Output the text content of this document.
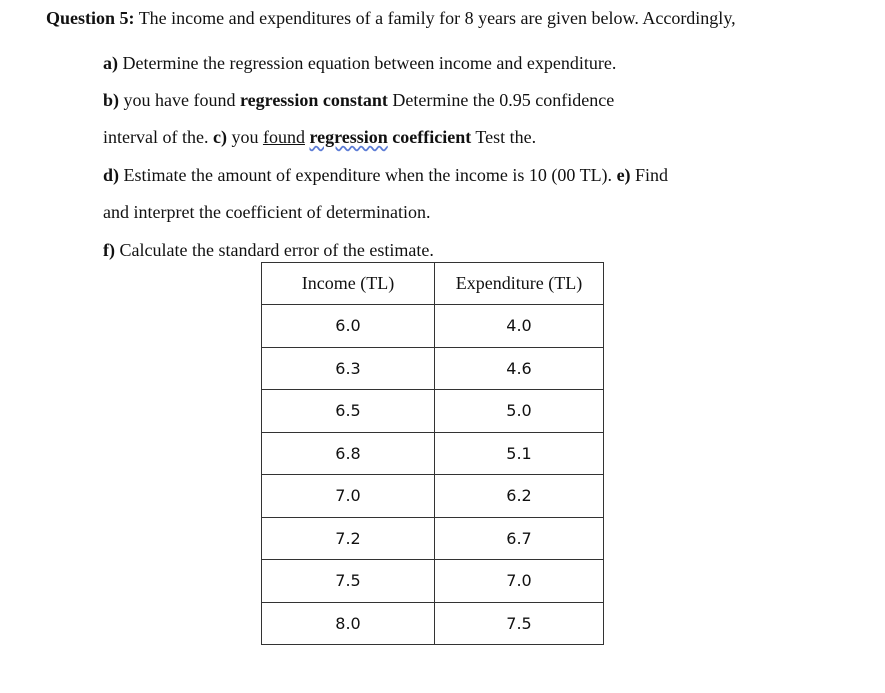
Question 5: The income and expenditures of a family for 8 years are given below. Accordingly,
a) Determine the regression equation between income and expenditure.
b) you have found regression constant Determine the 0.95 confidence
interval of the. c) you found regression coefficient Test the.
d) Estimate the amount of expenditure when the income is 10 (00 TL). e) Find
and interpret the coefficient of determination.
f) Calculate the standard error of the estimate.
Income (TL)	Expenditure (TL)
6.0	4.0
6.3	4.6
6.5	5.0
6.8	5.1
7.0	6.2
7.2	6.7
7.5	7.0
8.0	7.5
